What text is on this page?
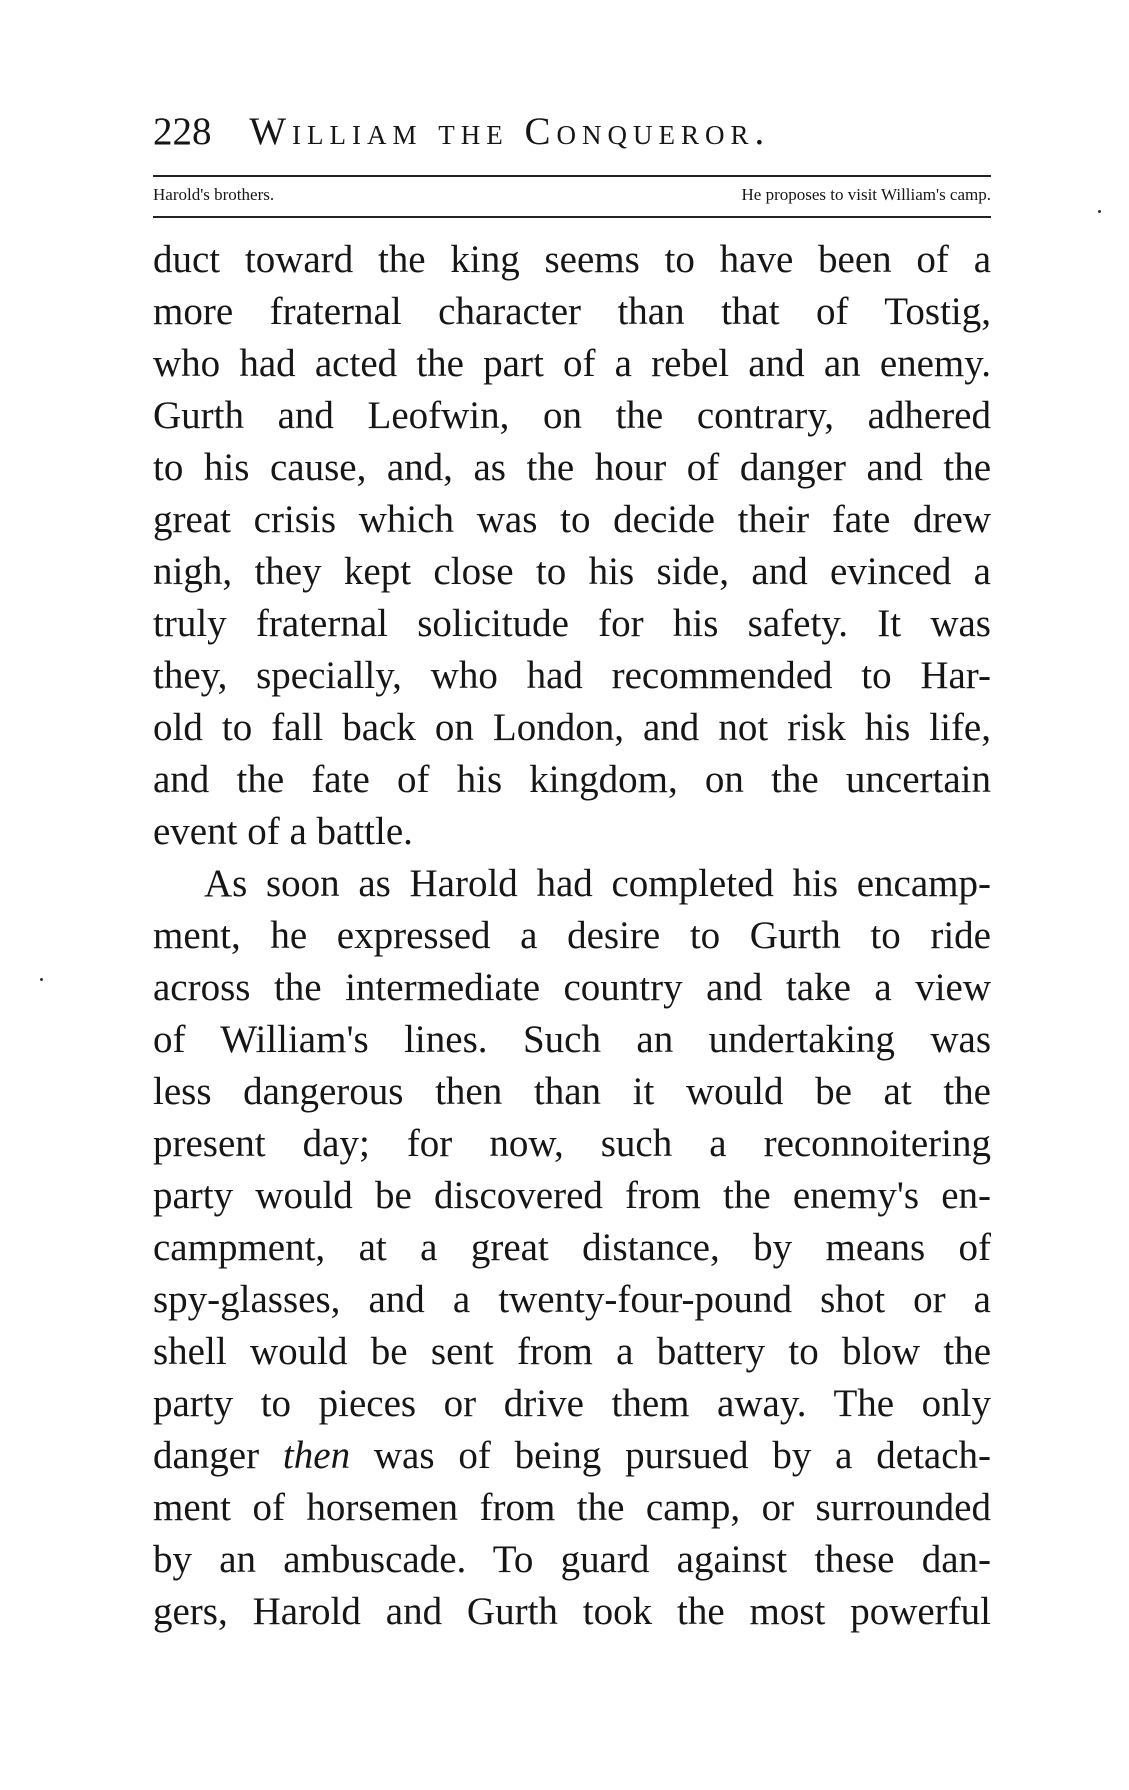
228 William the Conqueror.
Harold's brothers.	He proposes to visit William's camp.
duct toward the king seems to have been of a
more fraternal character than that of Tostig,
who had acted the part of a rebel and an enemy.
Gurth and Leofwin, on the contrary, adhered
to his cause, and, as the hour of danger and the
great crisis which was to decide their fate drew
nigh, they kept close to his side, and evinced a
truly fraternal solicitude for his safety. It was
they, specially, who had recommended to Har-
old to fall back on London, and not risk his life,
and the fate of his kingdom, on the uncertain
event of a battle.
As soon as Harold had completed his encamp-
ment, he expressed a desire to Gurth to ride
across the intermediate country and take a view
of William's lines. Such an undertaking was
less dangerous then than it would be at the
present day; for now, such a reconnoitering
party would be discovered from the enemy's en-
campment, at a great distance, by means of
spy-glasses, and a twenty-four-pound shot or a
shell would be sent from a battery to blow the
party to pieces or drive them away. The only
danger then was of being pursued by a detach-
ment of horsemen from the camp, or surrounded
by an ambuscade. To guard against these dan-
gers, Harold and Gurth took the most powerful
